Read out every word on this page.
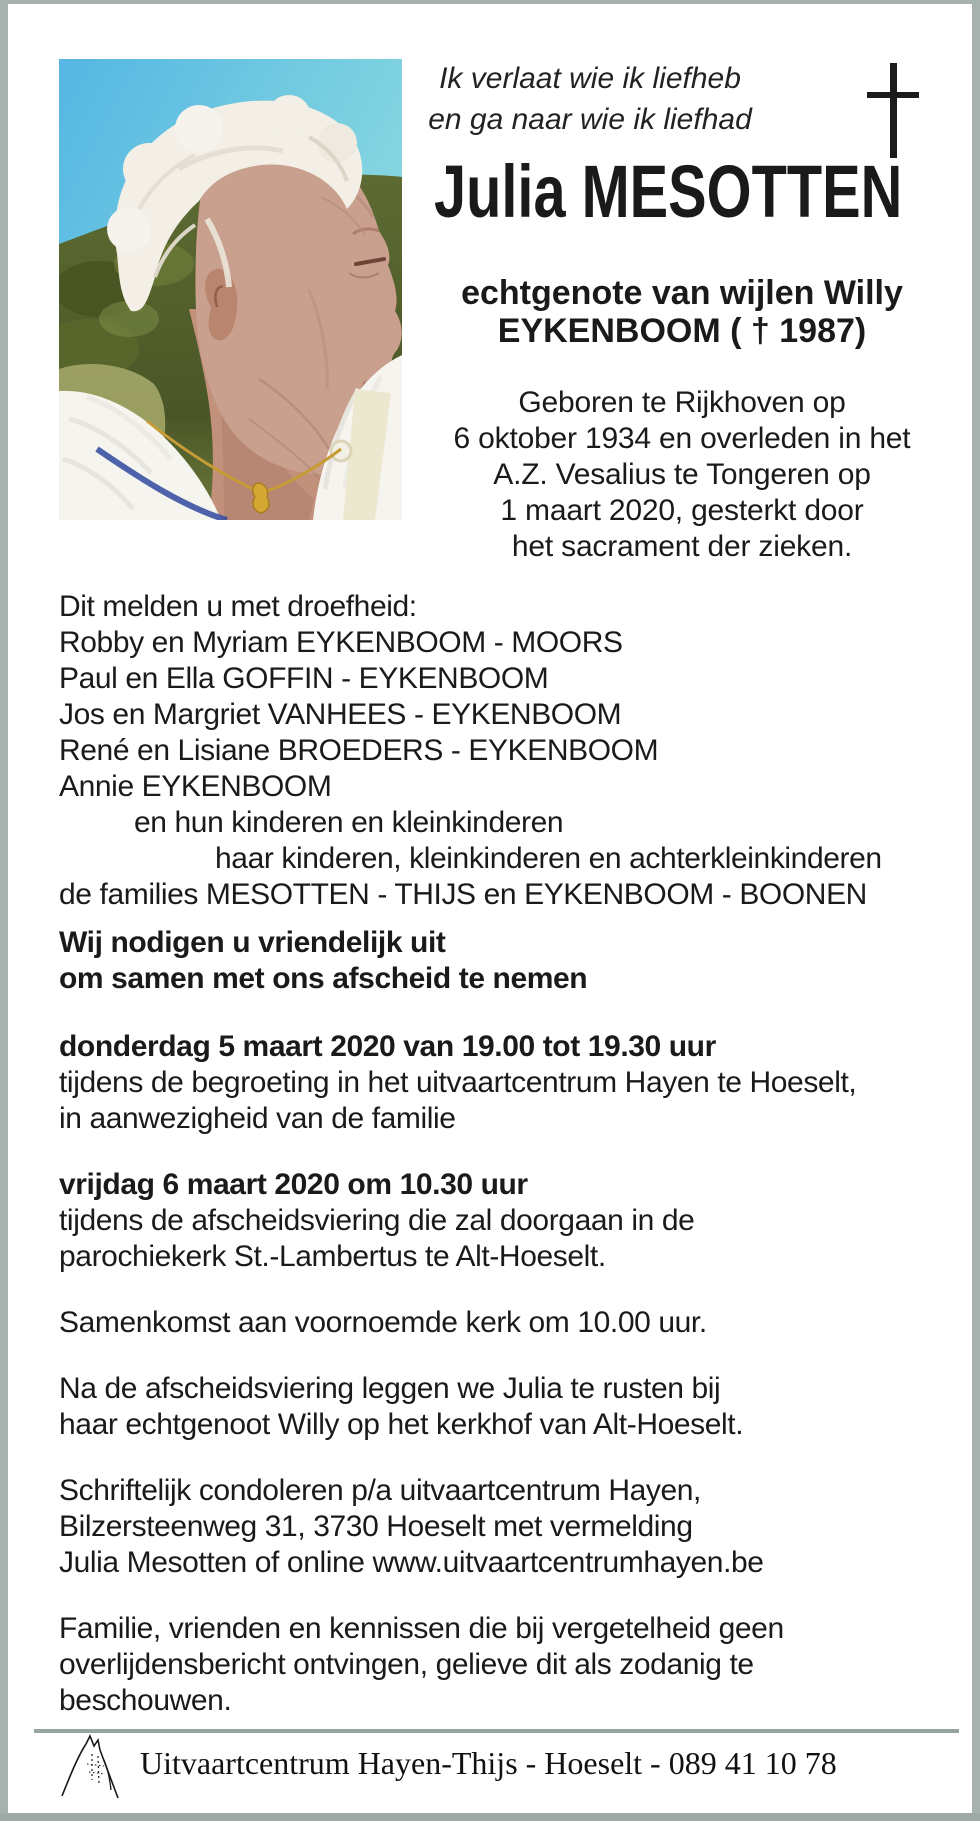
Ik verlaat wie ik liefheb
en ga naar wie ik liefhad
Julia MESOTTEN
echtgenote van wijlen Willy
EYKENBOOM ( † 1987)
Geboren te Rijkhoven op
6 oktober 1934 en overleden in het
A.Z. Vesalius te Tongeren op
1 maart 2020, gesterkt door
het sacrament der zieken.
Dit melden u met droefheid:
Robby en Myriam EYKENBOOM - MOORS
Paul en Ella GOFFIN - EYKENBOOM
Jos en Margriet VANHEES - EYKENBOOM
René en Lisiane BROEDERS - EYKENBOOM
Annie EYKENBOOM
en hun kinderen en kleinkinderen
haar kinderen, kleinkinderen en achterkleinkinderen
de families MESOTTEN - THIJS en EYKENBOOM - BOONEN
Wij nodigen u vriendelijk uit
om samen met ons afscheid te nemen
donderdag 5 maart 2020 van 19.00 tot 19.30 uur
tijdens de begroeting in het uitvaartcentrum Hayen te Hoeselt,
in aanwezigheid van de familie
vrijdag 6 maart 2020 om 10.30 uur
tijdens de afscheidsviering die zal doorgaan in de
parochiekerk St.-Lambertus te Alt-Hoeselt.
Samenkomst aan voornoemde kerk om 10.00 uur.
Na de afscheidsviering leggen we Julia te rusten bij
haar echtgenoot Willy op het kerkhof van Alt-Hoeselt.
Schriftelijk condoleren p/a uitvaartcentrum Hayen,
Bilzersteenweg 31, 3730 Hoeselt met vermelding
Julia Mesotten of online www.uitvaartcentrumhayen.be
Familie, vrienden en kennissen die bij vergetelheid geen
overlijdensbericht ontvingen, gelieve dit als zodanig te
beschouwen.
Uitvaartcentrum Hayen-Thijs - Hoeselt - 089 41 10 78
